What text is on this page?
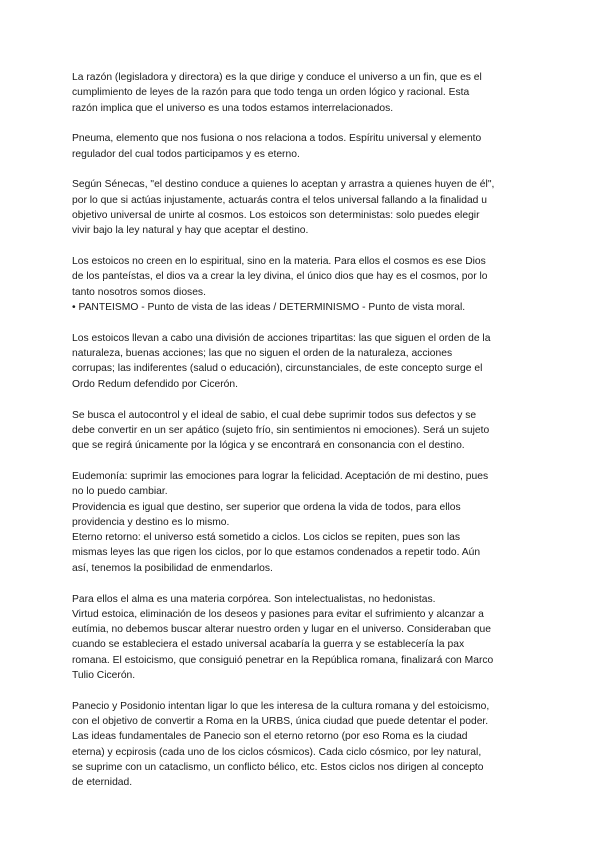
La razón (legisladora y directora) es la que dirige y conduce el universo a un fin, que es el
cumplimiento de leyes de la razón para que todo tenga un orden lógico y racional. Esta
razón implica que el universo es una todos estamos interrelacionados.

Pneuma, elemento que nos fusiona o nos relaciona a todos. Espíritu universal y elemento
regulador del cual todos participamos y es eterno.

Según Sénecas, "el destino conduce a quienes lo aceptan y arrastra a quienes huyen de él",
por lo que si actúas injustamente, actuarás contra el telos universal fallando a la finalidad u
objetivo universal de unirte al cosmos. Los estoicos son deterministas: solo puedes elegir
vivir bajo la ley natural y hay que aceptar el destino.

Los estoicos no creen en lo espiritual, sino en la materia. Para ellos el cosmos es ese Dios
de los panteístas, el dios va a crear la ley divina, el único dios que hay es el cosmos, por lo
tanto nosotros somos dioses.
• PANTEISMO - Punto de vista de las ideas / DETERMINISMO - Punto de vista moral.

Los estoicos llevan a cabo una división de acciones tripartitas: las que siguen el orden de la
naturaleza, buenas acciones; las que no siguen el orden de la naturaleza, acciones
corrupas; las indiferentes (salud o educación), circunstanciales, de este concepto surge el
Ordo Redum defendido por Cicerón.

Se busca el autocontrol y el ideal de sabio, el cual debe suprimir todos sus defectos y se
debe convertir en un ser apático (sujeto frío, sin sentimientos ni emociones). Será un sujeto
que se regirá únicamente por la lógica y se encontrará en consonancia con el destino.

Eudemonía: suprimir las emociones para lograr la felicidad. Aceptación de mi destino, pues
no lo puedo cambiar.
Providencia es igual que destino, ser superior que ordena la vida de todos, para ellos
providencia y destino es lo mismo.
Eterno retorno: el universo está sometido a ciclos. Los ciclos se repiten, pues son las
mismas leyes las que rigen los ciclos, por lo que estamos condenados a repetir todo. Aún
así, tenemos la posibilidad de enmendarlos.

Para ellos el alma es una materia corpórea. Son intelectualistas, no hedonistas.
Virtud estoica, eliminación de los deseos y pasiones para evitar el sufrimiento y alcanzar a
eutímia, no debemos buscar alterar nuestro orden y lugar en el universo. Consideraban que
cuando se estableciera el estado universal acabaría la guerra y se establecería la pax
romana. El estoicismo, que consiguió penetrar en la República romana, finalizará con Marco
Tulio Cicerón.

Panecio y Posidonio intentan ligar lo que les interesa de la cultura romana y del estoicismo,
con el objetivo de convertir a Roma en la URBS, única ciudad que puede detentar el poder.
Las ideas fundamentales de Panecio son el eterno retorno (por eso Roma es la ciudad
eterna) y ecpirosis (cada uno de los ciclos cósmicos). Cada ciclo cósmico, por ley natural,
se suprime con un cataclismo, un conflicto bélico, etc. Estos ciclos nos dirigen al concepto
de eternidad.
